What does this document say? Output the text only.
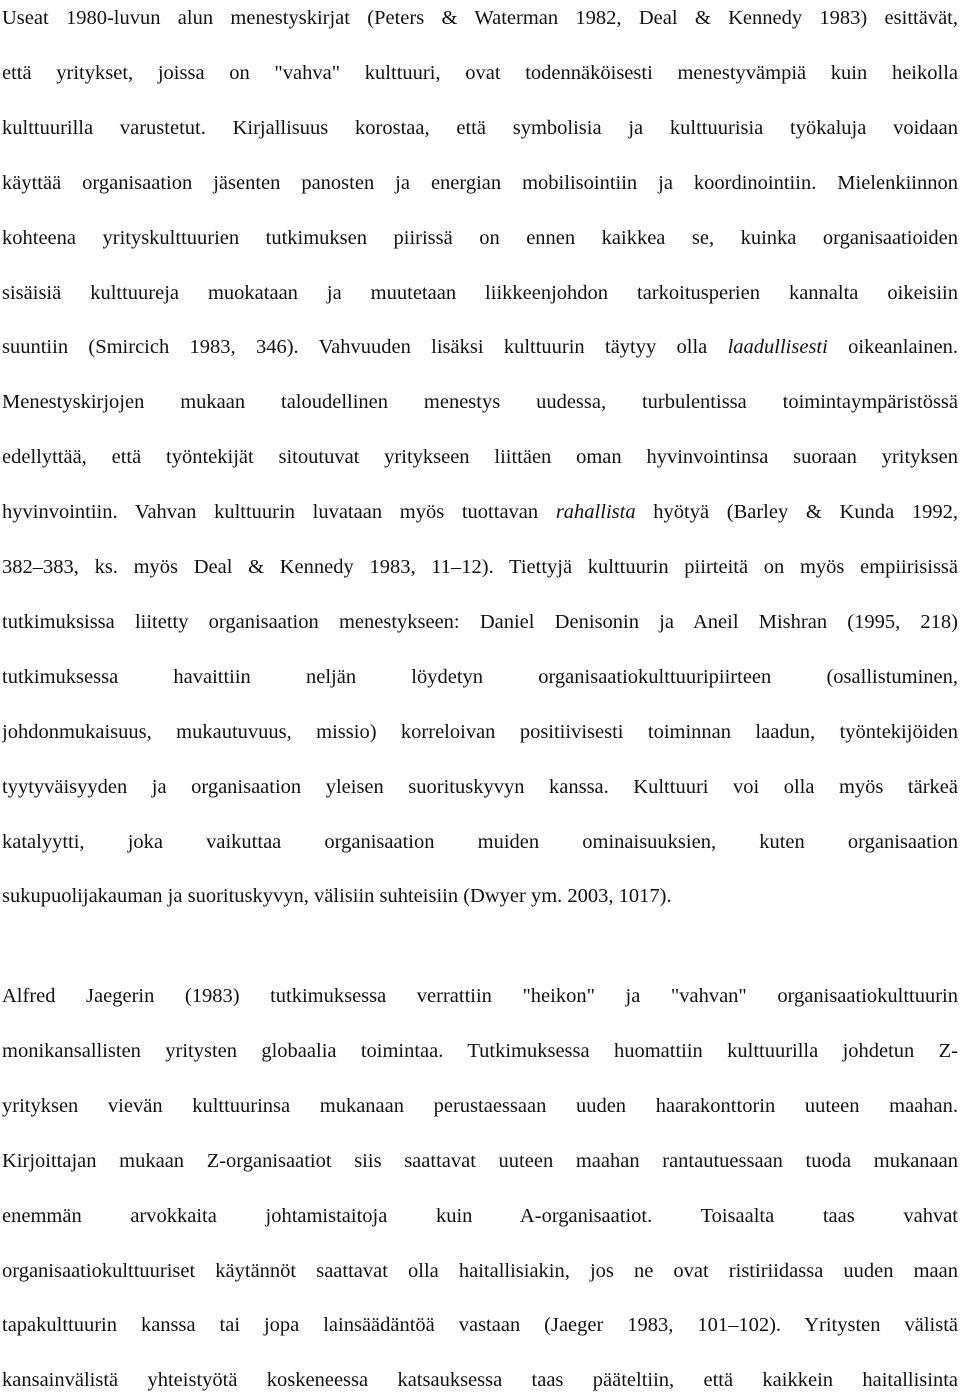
Useat 1980-luvun alun menestyskirjat (Peters & Waterman 1982, Deal & Kennedy 1983) esittävät,
että yritykset, joissa on "vahva" kulttuuri, ovat todennäköisesti menestyvämpiä kuin heikolla
kulttuurilla varustetut. Kirjallisuus korostaa, että symbolisia ja kulttuurisia työkaluja voidaan
käyttää organisaation jäsenten panosten ja energian mobilisointiin ja koordinointiin. Mielenkiinnon
kohteena yrityskulttuurien tutkimuksen piirissä on ennen kaikkea se, kuinka organisaatioiden
sisäisiä kulttuureja muokataan ja muutetaan liikkeenjohdon tarkoitusperien kannalta oikeisiin
suuntiin (Smircich 1983, 346). Vahvuuden lisäksi kulttuurin täytyy olla laadullisesti oikeanlainen.
Menestyskirjojen mukaan taloudellinen menestys uudessa, turbulentissa toimintaympäristössä
edellyttää, että työntekijät sitoutuvat yritykseen liittäen oman hyvinvointinsa suoraan yrityksen
hyvinvointiin. Vahvan kulttuurin luvataan myös tuottavan rahallista hyötyä (Barley & Kunda 1992,
382–383, ks. myös Deal & Kennedy 1983, 11–12). Tiettyjä kulttuurin piirteitä on myös empiirisissä
tutkimuksissa liitetty organisaation menestykseen: Daniel Denisonin ja Aneil Mishran (1995, 218)
tutkimuksessa havaittiin neljän löydetyn organisaatiokulttuuripiirteen (osallistuminen,
johdonmukaisuus, mukautuvuus, missio) korreloivan positiivisesti toiminnan laadun, työntekijöiden
tyytyväisyyden ja organisaation yleisen suorituskyvyn kanssa. Kulttuuri voi olla myös tärkeä
katalyytti, joka vaikuttaa organisaation muiden ominaisuuksien, kuten organisaation
sukupuolijakauman ja suorituskyvyn, välisiin suhteisiin (Dwyer ym. 2003, 1017).
Alfred Jaegerin (1983) tutkimuksessa verrattiin "heikon" ja "vahvan" organisaatiokulttuurin
monikansallisten yritysten globaalia toimintaa. Tutkimuksessa huomattiin kulttuurilla johdetun Z-
yrityksen vievän kulttuurinsa mukanaan perustaessaan uuden haarakonttorin uuteen maahan.
Kirjoittajan mukaan Z-organisaatiot siis saattavat uuteen maahan rantautuessaan tuoda mukanaan
enemmän arvokkaita johtamistaitoja kuin A-organisaatiot. Toisaalta taas vahvat
organisaatiokulttuuriset käytännöt saattavat olla haitallisiakin, jos ne ovat ristiriidassa uuden maan
tapakulttuurin kanssa tai jopa lainsäädäntöä vastaan (Jaeger 1983, 101–102). Yritysten välistä
kansainvälistä yhteistyötä koskeneessa katsauksessa taas pääteltiin, että kaikkein haitallisinta
